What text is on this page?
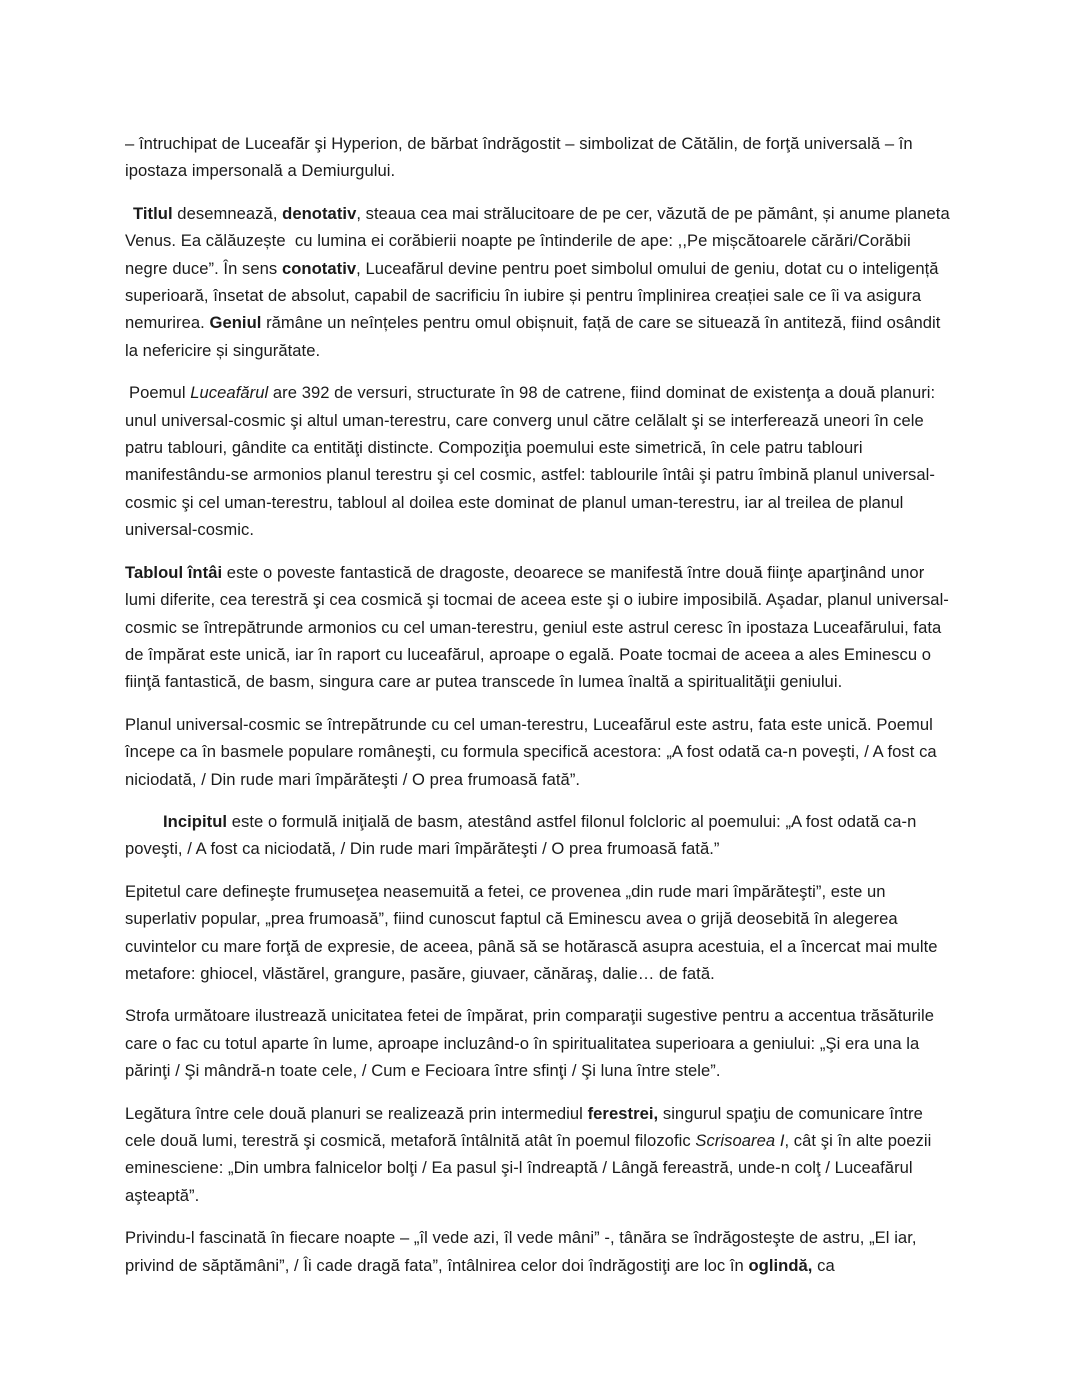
– întruchipat de Luceafăr şi Hyperion, de bărbat îndrăgostit – simbolizat de Cătălin, de forţă universală – în ipostaza impersonală a Demiurgului.

Titlul desemnează, denotativ, steaua cea mai strălucitoare de pe cer, văzută de pe pământ, și anume planeta Venus. Ea călăuzește  cu lumina ei corăbierii noapte pe întinderile de ape: ,,Pe mișcătoarele cărări/Corăbii negre duce”. În sens conotativ, Luceafărul devine pentru poet simbolul omului de geniu, dotat cu o inteligență superioară, însetat de absolut, capabil de sacrificiu în iubire și pentru împlinirea creației sale ce îi va asigura nemurirea. Geniul rămâne un neînțeles pentru omul obișnuit, față de care se situează în antiteză, fiind osândit la nefericire și singurătate.

Poemul Luceafărul are 392 de versuri, structurate în 98 de catrene, fiind dominat de existenţa a două planuri: unul universal-cosmic şi altul uman-terestru, care converg unul către celălalt şi se interferează uneori în cele patru tablouri, gândite ca entităţi distincte. Compoziţia poemului este simetrică, în cele patru tablouri manifestându-se armonios planul terestru şi cel cosmic, astfel: tablourile întâi şi patru îmbină planul universal-cosmic şi cel uman-terestru, tabloul al doilea este dominat de planul uman-terestru, iar al treilea de planul universal-cosmic.

Tabloul întâi este o poveste fantastică de dragoste, deoarece se manifestă între două fiinţe aparţinând unor lumi diferite, cea terestră şi cea cosmică şi tocmai de aceea este şi o iubire imposibilă. Aşadar, planul universal-cosmic se întrepătrunde armonios cu cel uman-terestru, geniul este astrul ceresc în ipostaza Luceafărului, fata de împărat este unică, iar în raport cu luceafărul, aproape o egală. Poate tocmai de aceea a ales Eminescu o fiinţă fantastică, de basm, singura care ar putea transcede în lumea înaltă a spiritualităţii geniului.

Planul universal-cosmic se întrepătrunde cu cel uman-terestru, Luceafărul este astru, fata este unică. Poemul începe ca în basmele populare româneşti, cu formula specifică acestora: „A fost odată ca-n poveşti, / A fost ca niciodată, / Din rude mari împărăteşti / O prea frumoasă fată”.

Incipitul este o formulă iniţială de basm, atestând astfel filonul folcloric al poemului: „A fost odată ca-n poveşti, / A fost ca niciodată, / Din rude mari împărăteşti / O prea frumoasă fată.”

Epitetul care defineşte frumuseţea neasemuită a fetei, ce provenea „din rude mari împărăteşti”, este un superlativ popular, „prea frumoasă”, fiind cunoscut faptul că Eminescu avea o grijă deosebită în alegerea cuvintelor cu mare forţă de expresie, de aceea, până să se hotărască asupra acestuia, el a încercat mai multe metafore: ghiocel, vlăstărel, grangure, pasăre, giuvaer, cănăraş, dalie… de fată.

Strofa următoare ilustrează unicitatea fetei de împărat, prin comparaţii sugestive pentru a accentua trăsăturile care o fac cu totul aparte în lume, aproape incluzând-o în spiritualitatea superioara a geniului: „Şi era una la părinţi / Şi mândră-n toate cele, / Cum e Fecioara între sfinţi / Şi luna între stele”.

Legătura între cele două planuri se realizează prin intermediul ferestrei, singurul spaţiu de comunicare între cele două lumi, terestră şi cosmică, metaforă întâlnită atât în poemul filozofic Scrisoarea I, cât şi în alte poezii eminesciene: „Din umbra falnicelor bolţi / Ea pasul şi-l îndreaptă / Lângă fereastră, unde-n colţ / Luceafărul aşteaptă”.

Privindu-l fascinată în fiecare noapte – „îl vede azi, îl vede mâni” -, tânăra se îndrăgosteşte de astru, „El iar, privind de săptămâni”, / Îi cade dragă fata”, întâlnirea celor doi îndrăgostiţi are loc în oglindă, ca
